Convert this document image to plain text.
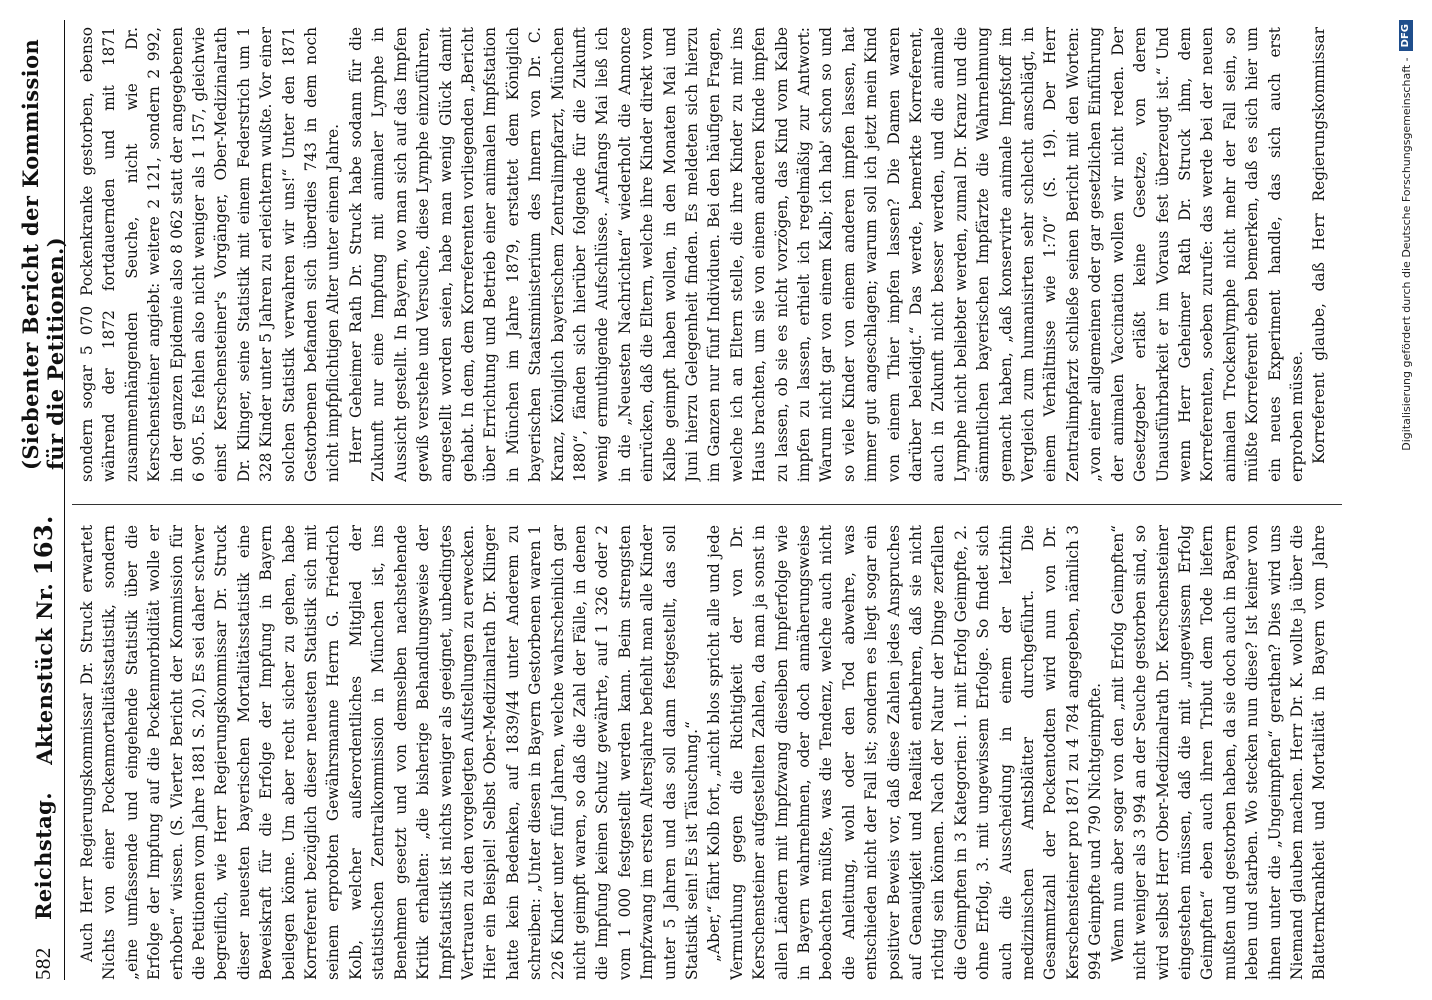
582
Reichstag.
Aktenstück Nr. 163.
(Siebenter Bericht der Kommission für die Petitionen.)

Auch Herr Regierungskommissar Dr. Struck erwartet Nichts von einer Pockenmortalitätsstatistik, sondern „eine umfassende und eingehende Statistik über die Erfolge der Impfung auf die Pockenmorbidität wolle er erhoben“ wissen. (S. Vierter Bericht der Kommission für die Petitionen vom Jahre 1881 S. 20.) Es sei daher schwer begreiflich, wie Herr Regierungskommissar Dr. Struck dieser neuesten bayerischen Mortalitätsstatistik eine Beweiskraft für die Erfolge der Impfung in Bayern beilegen könne. Um aber recht sicher zu gehen, habe Korreferent bezüglich dieser neuesten Statistik sich mit seinem erprobten Gewährsmanne Herrn G. Friedrich Kolb, welcher außerordentliches Mitglied der statistischen Zentralkommission in München ist, ins Benehmen gesetzt und von demselben nachstehende Kritik erhalten: „die bisherige Behandlungsweise der Impfstatistik ist nichts weniger als geeignet, unbedingtes Vertrauen zu den vorgelegten Aufstellungen zu erwecken. Hier ein Beispiel! Selbst Ober-Medizinalrath Dr. Klinger hatte kein Bedenken, auf 1839/44 unter Anderem zu schreiben: „Unter diesen in Bayern Gestorbenen waren 1 226 Kinder unter fünf Jahren, welche wahrscheinlich gar nicht geimpft waren, so daß die Zahl der Fälle, in denen die Impfung keinen Schutz gewährte, auf 1 326 oder 2 vom 1 000 festgestellt werden kann. Beim strengsten Impfzwang im ersten Altersjahre befiehlt man alle Kinder unter 5 Jahren und das soll dann festgestellt, das soll Statistik sein! Es ist Täuschung.“ „Aber,“ fährt Kolb fort, „nicht blos spricht alle und jede Vermuthung gegen die Richtigkeit der von Dr. Kerschensteiner aufgestellten Zahlen, da man ja sonst in allen Ländern mit Impfzwang dieselben Impferfolge wie in Bayern wahrnehmen, oder doch annäherungsweise beobachten müßte, was die Tendenz, welche auch nicht die Anleitung, wohl oder den Tod abwehre, was entschieden nicht der Fall ist; sondern es liegt sogar ein positiver Beweis vor, daß diese Zahlen jedes Anspruches auf Genauigkeit und Realität entbehren, daß sie nicht richtig sein können. Nach der Natur der Dinge zerfallen die Geimpften in 3 Kategorien: 1. mit Erfolg Geimpfte, 2. ohne Erfolg, 3. mit ungewissem Erfolge. So findet sich auch die Ausscheidung in einem der letzthin medizinischen Amtsblätter durchgeführt. Die Gesammtzahl der Pockentodten wird nun von Dr. Kerschensteiner pro 1871 zu 4 784 angegeben, nämlich 3 994 Geimpfte und 790 Nichtgeimpfte. Wenn nun aber sogar von den „mit Erfolg Geimpften“ nicht weniger als 3 994 an der Seuche gestorben sind, so wird selbst Herr Ober-Medizinalrath Dr. Kerschensteiner eingestehen müssen, daß die mit „ungewissem Erfolg Geimpften“ eben auch ihren Tribut dem Tode liefern mußten und gestorben haben, da sie doch auch in Bayern leben und starben. Wo stecken nun diese? Ist keiner von ihnen unter die „Ungeimpften“ gerathen? Dies wird uns Niemand glauben machen. Herr Dr. K. wollte ja über die Blatternkrankheit und Mortalität in Bayern vom Jahre

sondern sogar 5 070 Pockenkranke gestorben, ebenso während der 1872 fortdauernden und mit 1871 zusammenhängenden Seuche, nicht wie Dr. Kerschensteiner angiebt: weitere 2 121, sondern 2 992, in der ganzen Epidemie also 8 062 statt der angegebenen 6 905. Es fehlen also nicht weniger als 1 157, gleichwie einst Kerschensteiner's Vorgänger, Ober-Medizinalrath Dr. Klinger, seine Statistik mit einem Federstrich um 1 328 Kinder unter 5 Jahren zu erleichtern wußte. Vor einer solchen Statistik verwahren wir uns!“ Unter den 1871 Gestorbenen befanden sich überdies 743 in dem noch nicht impfpflichtigen Alter unter einem Jahre. Herr Geheimer Rath Dr. Struck habe sodann für die Zukunft nur eine Impfung mit animaler Lymphe in Aussicht gestellt. In Bayern, wo man sich auf das Impfen gewiß verstehe und Versuche, diese Lymphe einzuführen, angestellt worden seien, habe man wenig Glück damit gehabt. In dem, dem Korreferenten vorliegenden „Bericht über Errichtung und Betrieb einer animalen Impfstation in München im Jahre 1879, erstattet dem Königlich bayerischen Staatsministerium des Innern von Dr. C. Kranz, Königlich bayerischem Zentralimpfarzt, München 1880“, fänden sich hierüber folgende für die Zukunft wenig ermuthigende Aufschlüsse. „Anfangs Mai ließ ich in die „Neuesten Nachrichten“ wiederholt die Annonce einrücken, daß die Eltern, welche ihre Kinder direkt vom Kalbe geimpft haben wollen, in den Monaten Mai und Juni hierzu Gelegenheit finden. Es meldeten sich hierzu im Ganzen nur fünf Individuen. Bei den häufigen Fragen, welche ich an Eltern stelle, die ihre Kinder zu mir ins Haus brachten, um sie von einem anderen Kinde impfen zu lassen, ob sie es nicht vorzögen, das Kind vom Kalbe impfen zu lassen, erhielt ich regelmäßig zur Antwort: Warum nicht gar von einem Kalb; ich hab' schon so und so viele Kinder von einem anderen impfen lassen, hat immer gut angeschlagen; warum soll ich jetzt mein Kind von einem Thier impfen lassen? Die Damen waren darüber beleidigt.“ Das werde, bemerkte Korreferent, auch in Zukunft nicht besser werden, und die animale Lymphe nicht beliebter werden, zumal Dr. Kranz und die sämmtlichen bayerischen Impfärzte die Wahrnehmung gemacht haben, „daß konservirte animale Impfstoff im Vergleich zum humanisirten sehr schlecht anschlägt, in einem Verhältnisse wie 1:70“ (S. 19). Der Herr Zentralimpfarzt schließe seinen Bericht mit den Worten: „von einer allgemeinen oder gar gesetzlichen Einführung der animalen Vaccination wollen wir nicht reden. Der Gesetzgeber erläßt keine Gesetze, von deren Unausführbarkeit er im Voraus fest überzeugt ist.“ Und wenn Herr Geheimer Rath Dr. Struck ihm, dem Korreferenten, soeben zurufe: das werde bei der neuen animalen Trockenlymphe nicht mehr der Fall sein, so müßte Korreferent eben bemerken, daß es sich hier um ein neues Experiment handle, das sich auch erst erproben müsse. Korreferent glaube, daß Herr Regierungskommissar	Digitalisierung gefördert durch die Deutsche Forschungsgemeinschaft -
DFG
